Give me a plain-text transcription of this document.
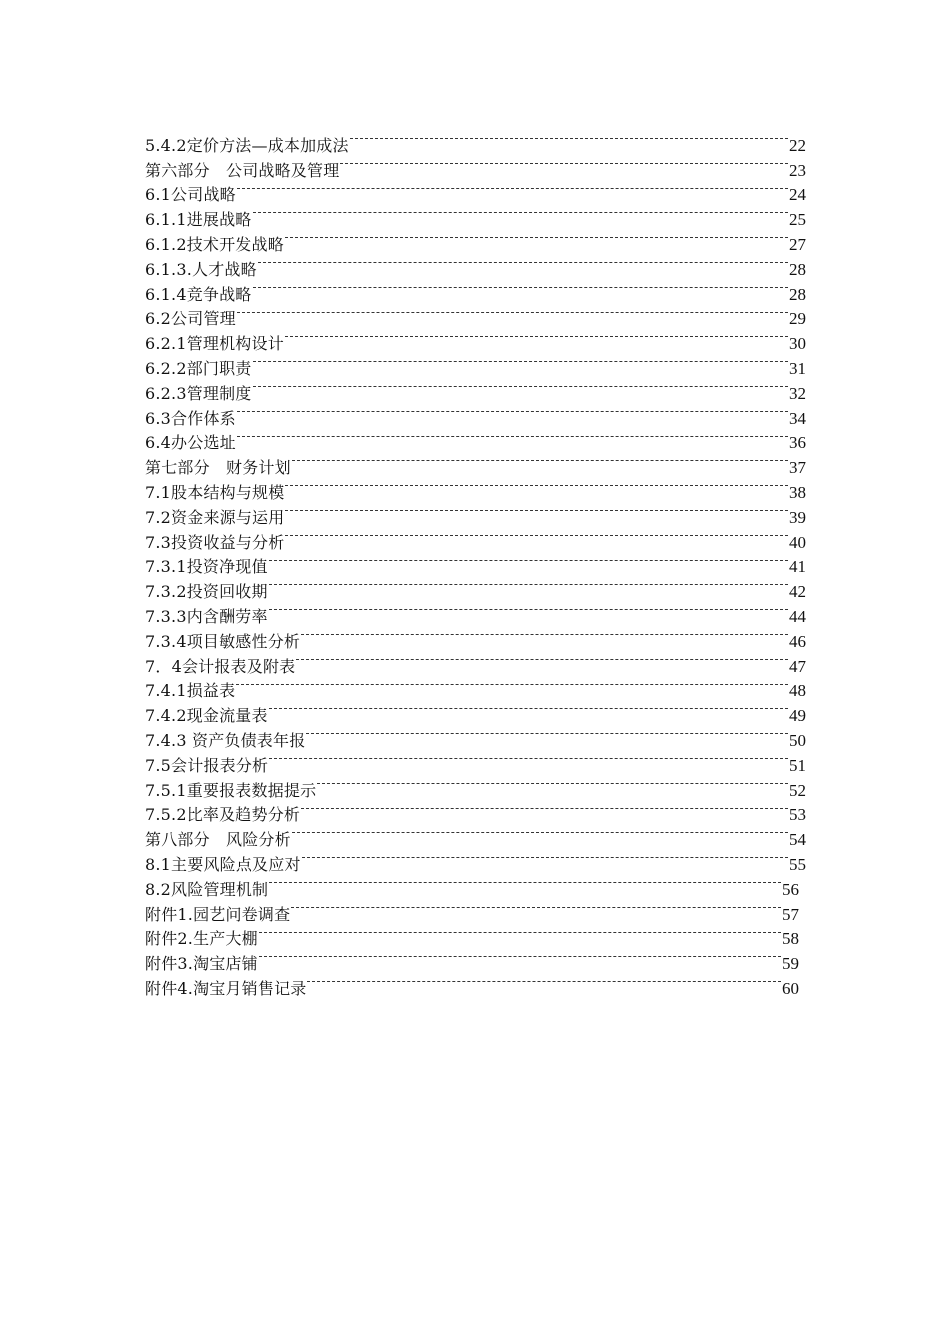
5.4.2定价方法—成本加成法	22
第六部分　公司战略及管理	23
6.1公司战略	24
6.1.1进展战略	25
6.1.2技术开发战略	27
6.1.3.人才战略	28
6.1.4竞争战略	28
6.2公司管理	29
6.2.1管理机构设计	30
6.2.2部门职责	31
6.2.3管理制度	32
6.3合作体系	34
6.4办公选址	36
第七部分　财务计划	37
7.1股本结构与规模	38
7.2资金来源与运用	39
7.3投资收益与分析	40
7.3.1投资净现值	41
7.3.2投资回收期	42
7.3.3内含酬劳率	44
7.3.4项目敏感性分析	46
7．4会计报表及附表	47
7.4.1损益表	48
7.4.2现金流量表	49
7.4.3 资产负债表年报	50
7.5会计报表分析	51
7.5.1重要报表数据提示	52
7.5.2比率及趋势分析	53
第八部分　风险分析	54
8.1主要风险点及应对	55
8.2风险管理机制	56
附件1.园艺问卷调查	57
附件2.生产大棚	58
附件3.淘宝店铺	59
附件4.淘宝月销售记录	60
